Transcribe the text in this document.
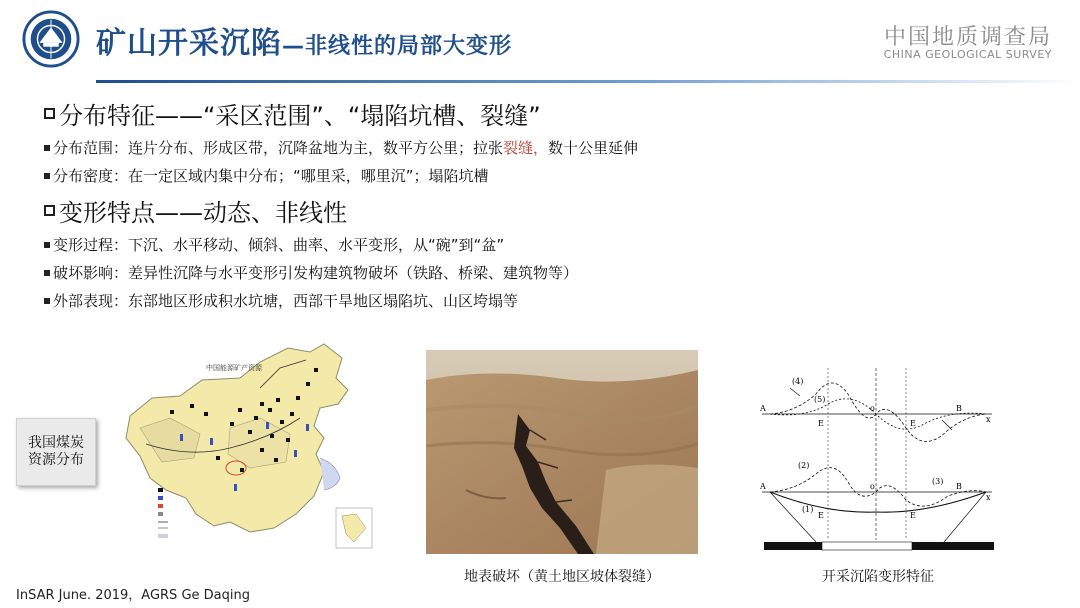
矿山开采沉陷—非线性的局部大变形	中国地质调查局
CHINA GEOLOGICAL SURVEY
分布特征——“采区范围”、“塌陷坑槽、裂缝”
分布范围：连片分布、形成区带，沉降盆地为主，数平方公里；拉张 裂缝， 数十公里延伸
分布密度：在一定区域内集中分布；“哪里采，哪里沉”；塌陷坑槽
变形特点——动态、非线性
变形过程：下沉、水平移动、倾斜、曲率、水平变形，从“碗”到“盆”
破坏影响：差异性沉降与水平变形引发构建筑物破坏（铁路、桥梁、建筑物等）
外部表现：东部地区形成积水坑塘，西部干旱地区塌陷坑、山区垮塌等
中国能源矿产资源
我国煤炭资源分布
地表破坏（黄土地区坡体裂缝）
(4)
(5)
(2)
(3)
(1)
A	B
o
E	E	x
A	B
o
E	E
x
开采沉陷变形特征
InSAR June. 2019，AGRS Ge Daqing
